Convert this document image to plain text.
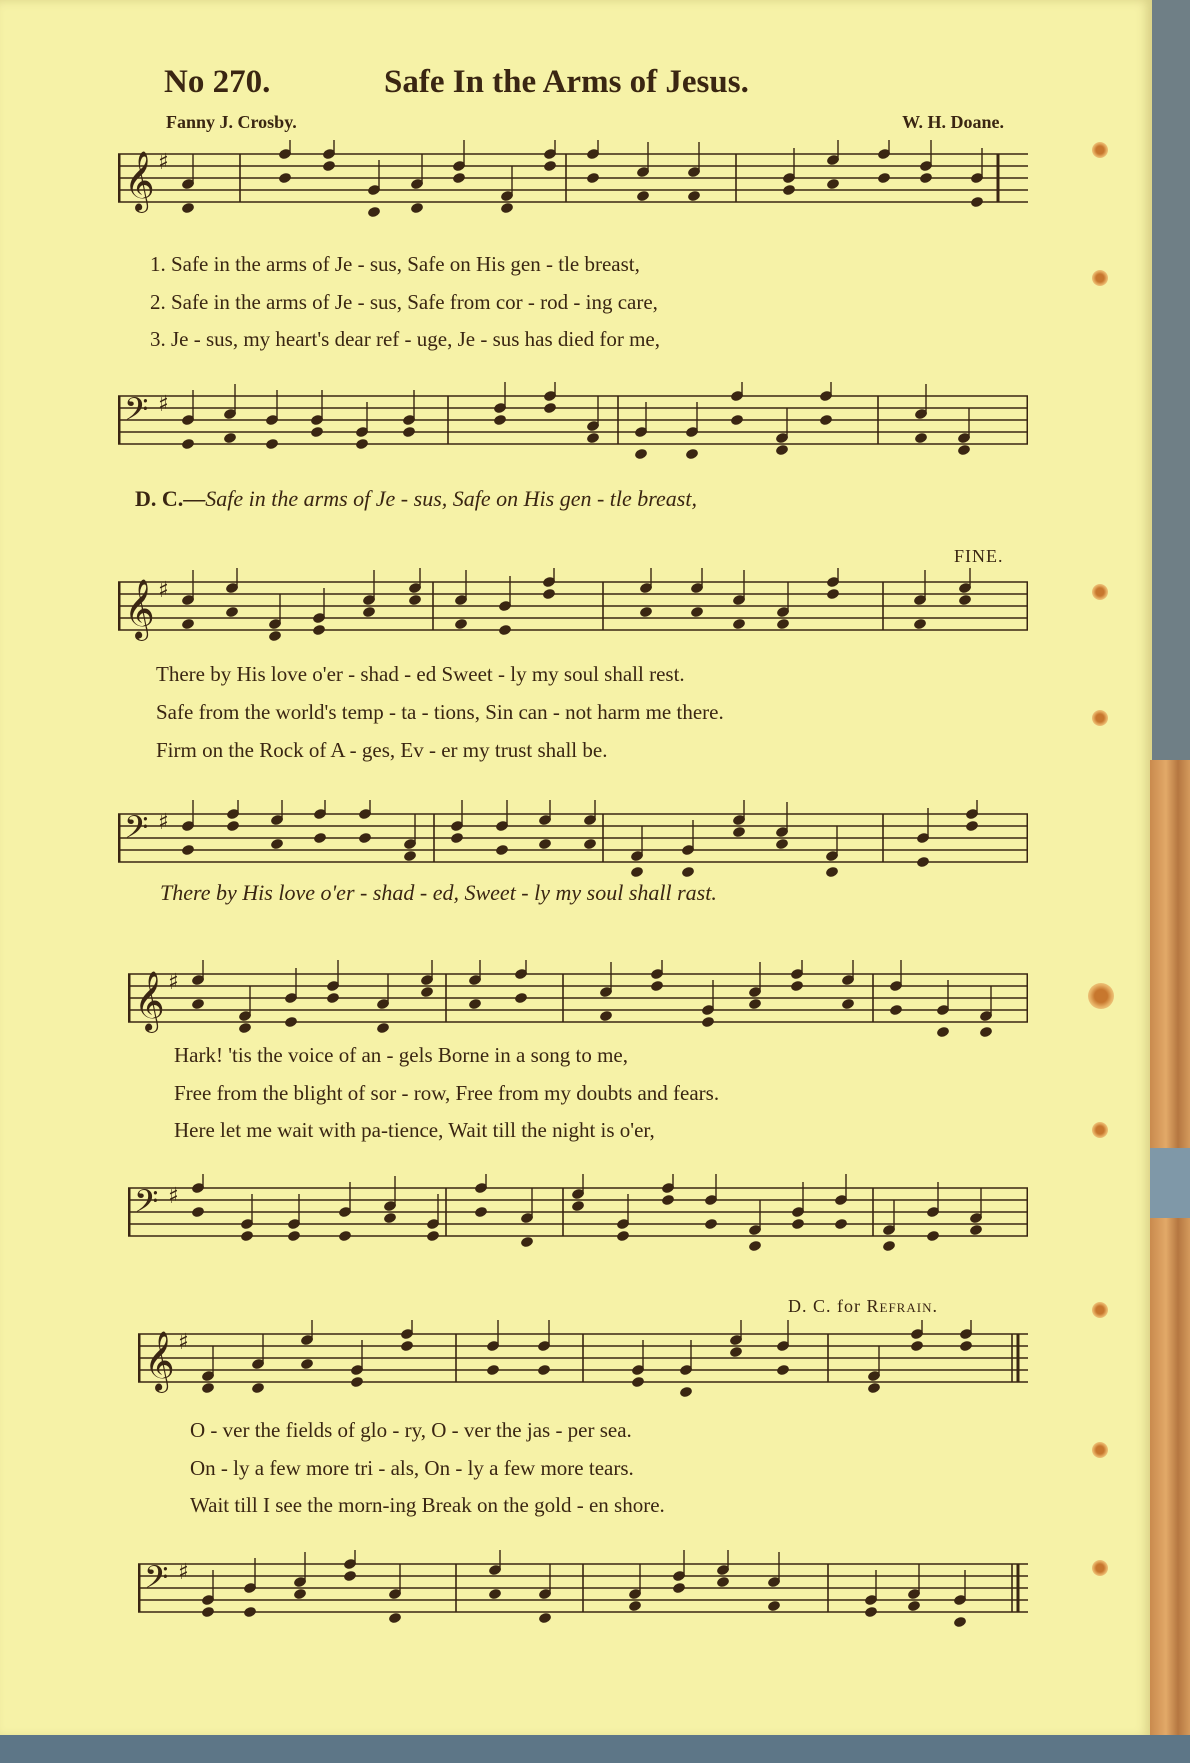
No 270.	Safe In the Arms of Jesus.
Fanny J. Crosby.	W. H. Doane.
𝄞 ♯
1. Safe in the arms of Je - sus, Safe on His gen - tle breast,
2. Safe in the arms of Je - sus, Safe from cor - rod - ing care,
3. Je - sus, my heart's dear ref - uge, Je - sus has died for me,
𝄢 ♯
D. C.—Safe in the arms of Je - sus, Safe on His gen - tle breast,
FINE.
𝄞 ♯
There by His love o'er - shad - ed Sweet - ly my soul shall rest.
Safe from the world's temp - ta - tions, Sin can - not harm me there.
Firm on the Rock of A - ges, Ev - er my trust shall be.
𝄢 ♯
There by His love o'er - shad - ed, Sweet - ly my soul shall rast.
𝄞 ♯
Hark! 'tis the voice of an - gels Borne in a song to me,
Free from the blight of sor - row, Free from my doubts and fears.
Here let me wait with pa-tience, Wait till the night is o'er,
𝄢 ♯
D. C. for Refrain.
𝄞 ♯
O - ver the fields of glo - ry, O - ver the jas - per sea.
On - ly a few more tri - als, On - ly a few more tears.
Wait till I see the morn-ing Break on the gold - en shore.
𝄢 ♯
